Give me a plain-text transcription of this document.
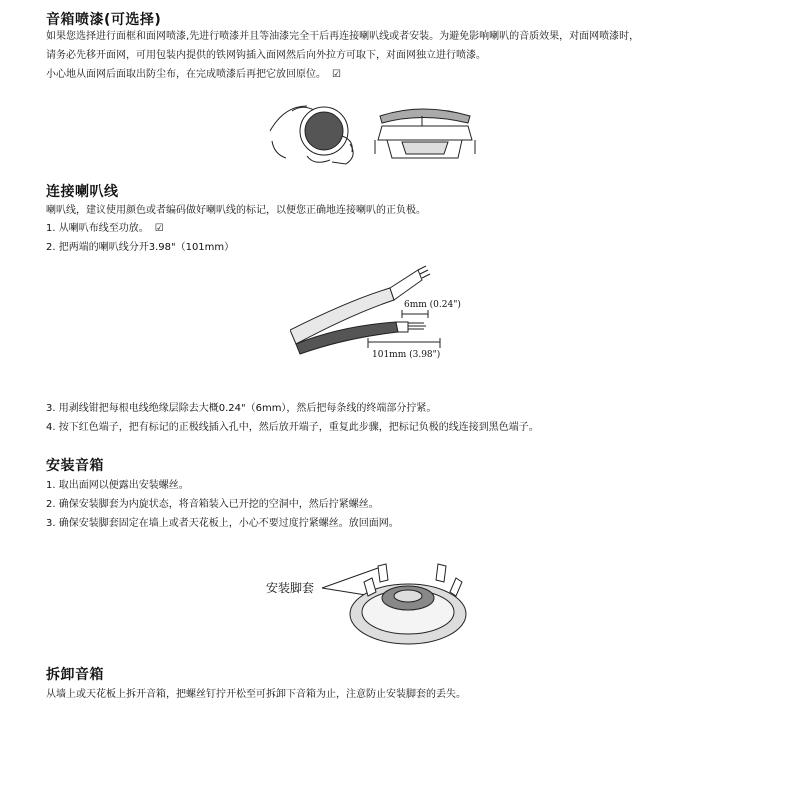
音箱喷漆(可选择)

如果您选择进行面框和面网喷漆,先进行喷漆并且等油漆完全干后再连接喇叭线或者安装。为避免影响喇叭的音质效果，对面网喷漆时，

请务必先移开面网，可用包装内提供的铁网钩插入面网然后向外拉方可取下，对面网独立进行喷漆。

小心地从面网后面取出防尘布，在完成喷漆后再把它放回原位。 ☑

连接喇叭线

喇叭线，建议使用颜色或者编码做好喇叭线的标记，以便您正确地连接喇叭的正负极。

1. 从喇叭布线至功放。 ☑

2. 把两端的喇叭线分开3.98"（101mm）

6mm (0.24")
101mm (3.98")

3. 用剥线钳把每根电线绝缘层除去大概0.24"（6mm），然后把每条线的终端部分拧紧。

4. 按下红色端子，把有标记的正极线插入孔中，然后放开端子，重复此步骤，把标记负极的线连接到黑色端子。

安装音箱

1. 取出面网以便露出安装螺丝。

2. 确保安装脚套为内旋状态，将音箱装入已开挖的空洞中，然后拧紧螺丝。

3. 确保安装脚套固定在墙上或者天花板上，小心不要过度拧紧螺丝。放回面网。

安装脚套
拆卸音箱

从墙上或天花板上拆开音箱，把螺丝钉拧开松至可拆卸下音箱为止，注意防止安装脚套的丢失。
